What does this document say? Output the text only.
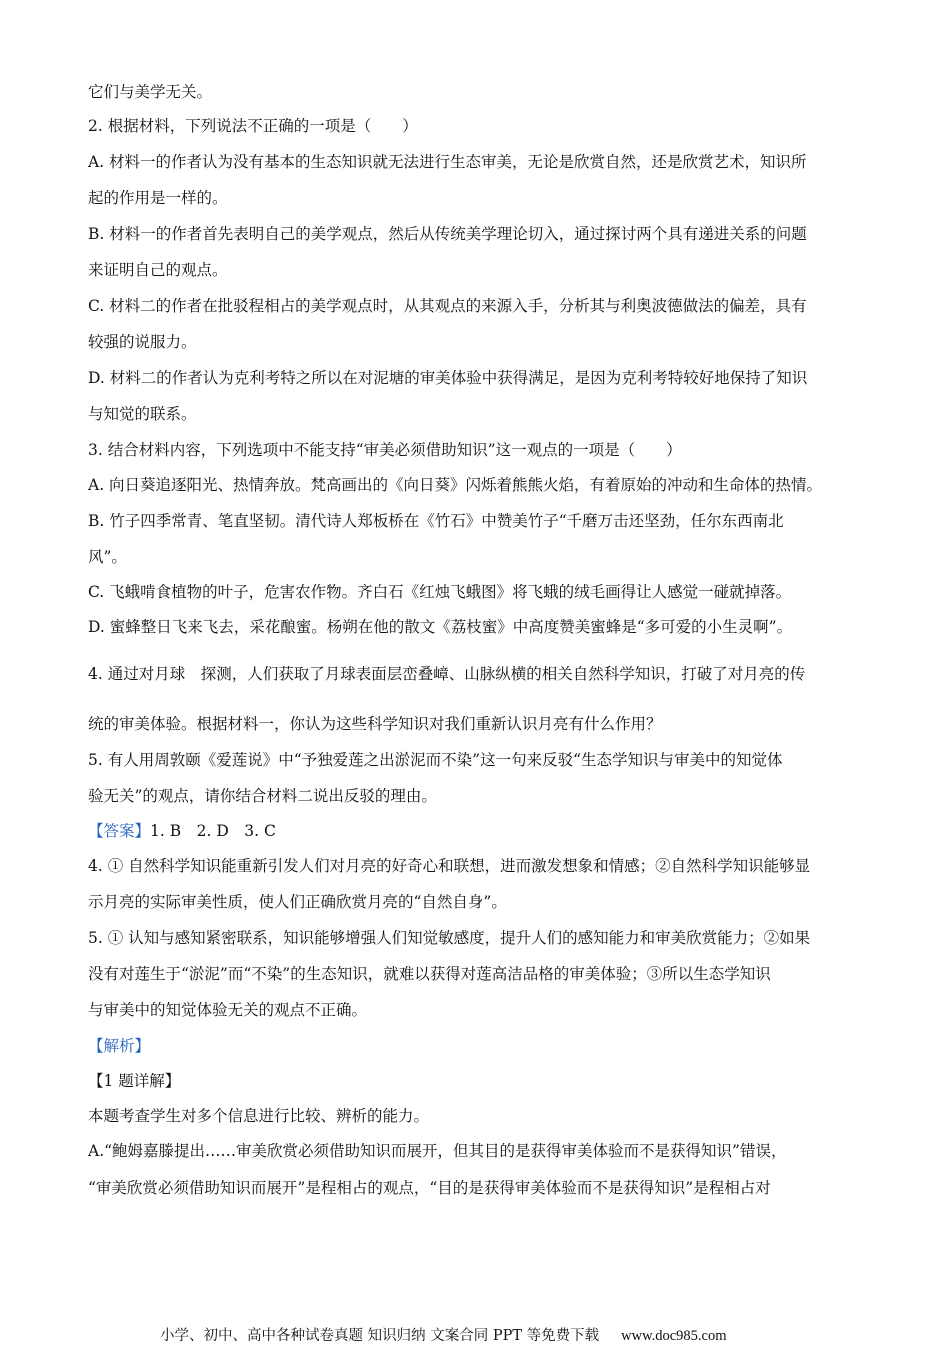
它们与美学无关。
2. 根据材料，下列说法不正确的一项是（　　）
A. 材料一的作者认为没有基本的生态知识就无法进行生态审美，无论是欣赏自然，还是欣赏艺术，知识所
起的作用是一样的。
B. 材料一的作者首先表明自己的美学观点，然后从传统美学理论切入，通过探讨两个具有递进关系的问题
来证明自己的观点。
C. 材料二的作者在批驳程相占的美学观点时，从其观点的来源入手，分析其与利奥波德做法的偏差，具有
较强的说服力。
D. 材料二的作者认为克利考特之所以在对泥塘的审美体验中获得满足，是因为克利考特较好地保持了知识
与知觉的联系。
3. 结合材料内容，下列选项中不能支持“审美必须借助知识”这一观点的一项是（　　）
A. 向日葵追逐阳光、热情奔放。梵高画出的《向日葵》闪烁着熊熊火焰，有着原始的冲动和生命体的热情。
B. 竹子四季常青、笔直坚韧。清代诗人郑板桥在《竹石》中赞美竹子“千磨万击还坚劲，任尔东西南北
风”。
C. 飞蛾啃食植物的叶子，危害农作物。齐白石《红烛飞蛾图》将飞蛾的绒毛画得让人感觉一碰就掉落。
D. 蜜蜂整日飞来飞去，采花酿蜜。杨朔在他的散文《荔枝蜜》中高度赞美蜜蜂是“多可爱的小生灵啊”。
4. 通过对月球　探测，人们获取了月球表面层峦叠嶂、山脉纵横的相关自然科学知识，打破了对月亮的传
统的审美体验。根据材料一，你认为这些科学知识对我们重新认识月亮有什么作用？
5. 有人用周敦颐《爱莲说》中“予独爱莲之出淤泥而不染”这一句来反驳“生态学知识与审美中的知觉体
验无关”的观点，请你结合材料二说出反驳的理由。
【答案】1. B　2. D　3. C
4. ① 自然科学知识能重新引发人们对月亮的好奇心和联想，进而激发想象和情感；②自然科学知识能够显
示月亮的实际审美性质，使人们正确欣赏月亮的“自然自身”。
5. ① 认知与感知紧密联系，知识能够增强人们知觉敏感度，提升人们的感知能力和审美欣赏能力；②如果
没有对莲生于“淤泥”而“不染”的生态知识，就难以获得对莲高洁品格的审美体验；③所以生态学知识
与审美中的知觉体验无关的观点不正确。
【解析】
【1 题详解】
本题考查学生对多个信息进行比较、辨析的能力。
A.“鲍姆嘉滕提出……审美欣赏必须借助知识而展开，但其目的是获得审美体验而不是获得知识”错误，
“审美欣赏必须借助知识而展开”是程相占的观点，“目的是获得审美体验而不是获得知识”是程相占对
小学、初中、高中各种试卷真题 知识归纳 文案合同 PPT 等免费下载 www.doc985.com
